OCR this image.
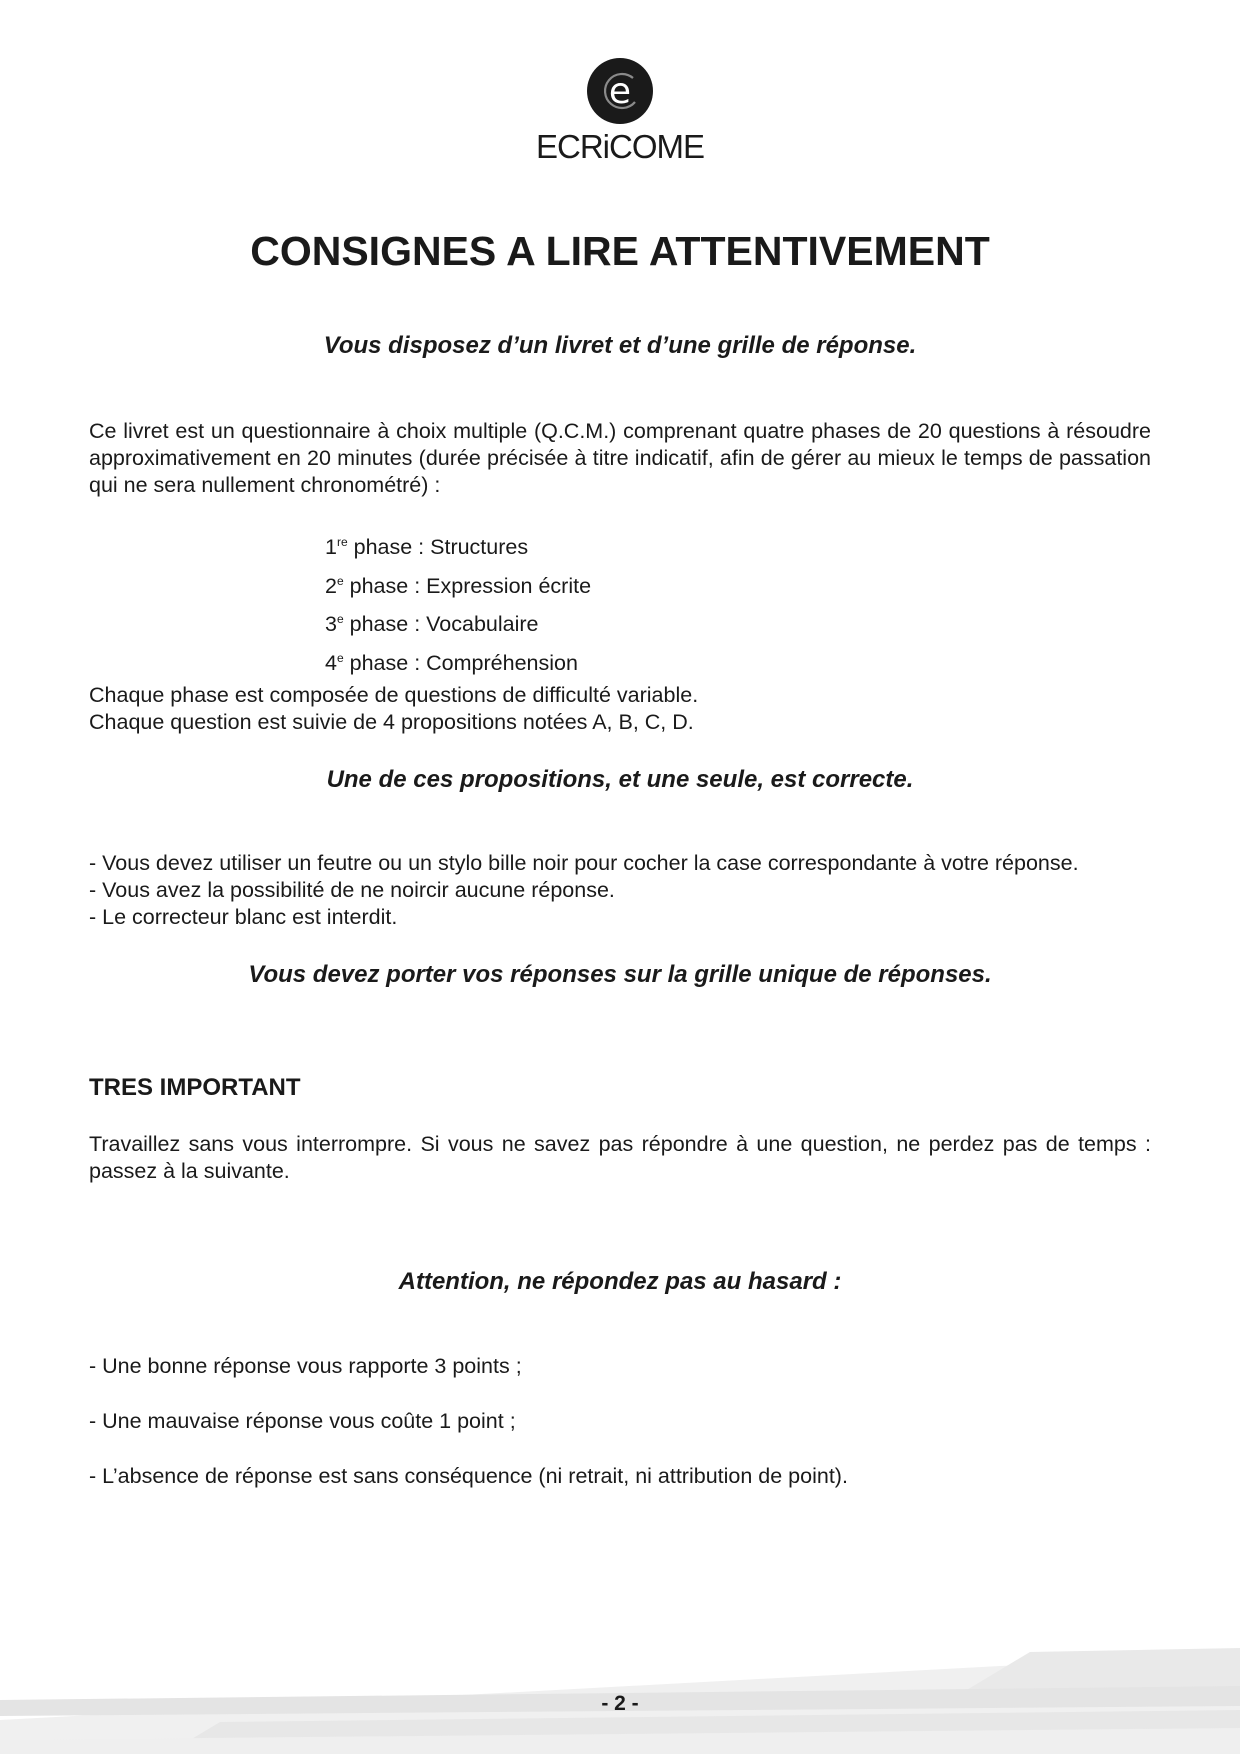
e
ECRiCOME
CONSIGNES A LIRE ATTENTIVEMENT

Vous disposez d’un livret et d’une grille de réponse.

Ce livret est un questionnaire à choix multiple (Q.C.M.) comprenant quatre phases de 20 questions à résoudre approximativement en 20 minutes (durée précisée à titre indicatif, afin de gérer au mieux le temps de passation qui ne sera nullement chronométré) :

1re phase : Structures
2e phase : Expression écrite
3e phase : Vocabulaire
4e phase : Compréhension

Chaque phase est composée de questions de difficulté variable.
Chaque question est suivie de 4 propositions notées A, B, C, D.

Une de ces propositions, et une seule, est correcte.

- Vous devez utiliser un feutre ou un stylo bille noir pour cocher la case correspondante à votre réponse.
- Vous avez la possibilité de ne noircir aucune réponse.
- Le correcteur blanc est interdit.

Vous devez porter vos réponses sur la grille unique de réponses.

TRES IMPORTANT

Travaillez sans vous interrompre. Si vous ne savez pas répondre à une question, ne perdez pas de temps : passez à la suivante.

Attention, ne répondez pas au hasard :

- Une bonne réponse vous rapporte 3 points ;

- Une mauvaise réponse vous coûte 1 point ;

- L’absence de réponse est sans conséquence (ni retrait, ni attribution de point).

- 2 -
